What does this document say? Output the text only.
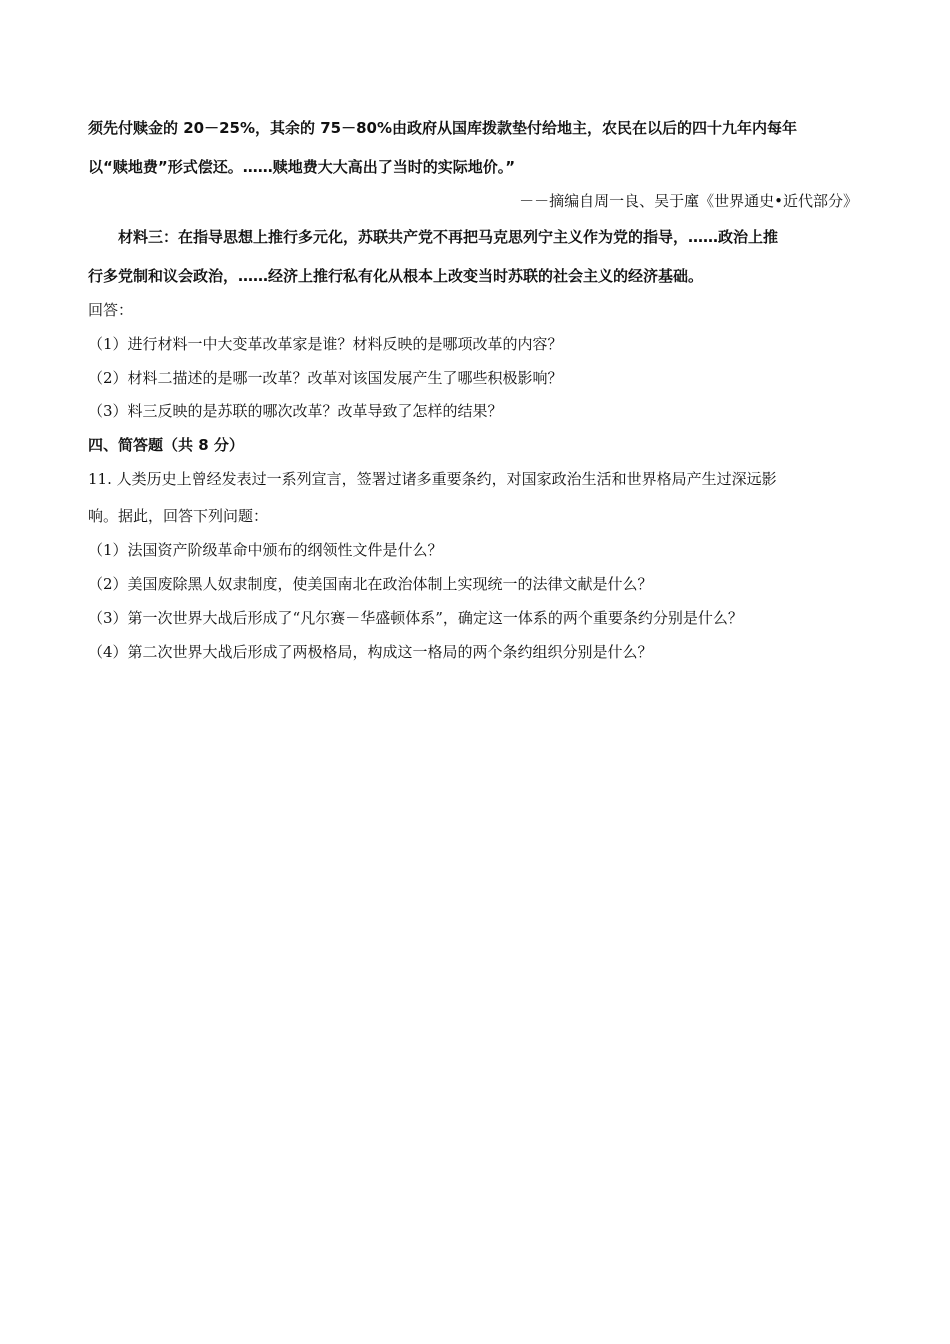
须先付赎金的 20－25%，其余的 75－80%由政府从国库拨款垫付给地主，农民在以后的四十九年内每年
以“赎地费”形式偿还。……赎地费大大高出了当时的实际地价。”
－－摘编自周一良、吴于廑《世界通史•近代部分》
材料三：在指导思想上推行多元化，苏联共产党不再把马克思列宁主义作为党的指导，……政治上推
行多党制和议会政治，……经济上推行私有化从根本上改变当时苏联的社会主义的经济基础。
回答：
（1）进行材料一中大变革改革家是谁？材料反映的是哪项改革的内容？
（2）材料二描述的是哪一改革？改革对该国发展产生了哪些积极影响？
（3）料三反映的是苏联的哪次改革？改革导致了怎样的结果？
四、简答题（共 8 分）
11. 人类历史上曾经发表过一系列宣言，签署过诸多重要条约，对国家政治生活和世界格局产生过深远影
响。据此，回答下列问题：
（1）法国资产阶级革命中颁布的纲领性文件是什么？
（2）美国废除黑人奴隶制度，使美国南北在政治体制上实现统一的法律文献是什么？
（3）第一次世界大战后形成了“凡尔赛－华盛顿体系”，确定这一体系的两个重要条约分别是什么？
（4）第二次世界大战后形成了两极格局，构成这一格局的两个条约组织分别是什么？
